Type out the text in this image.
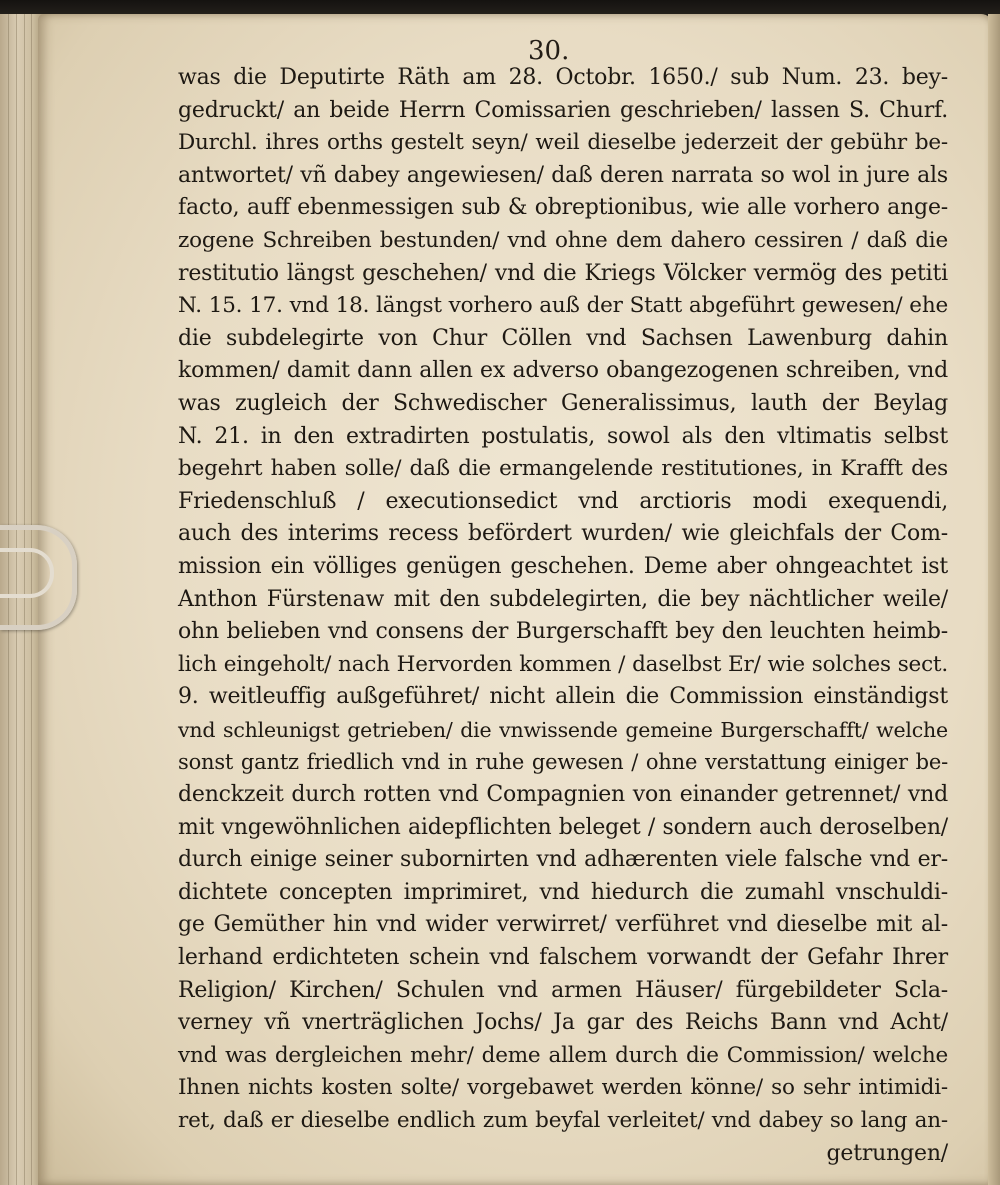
30.
was die Deputirte Räth am 28. Octobr. 1650./ sub Num. 23. bey-
gedruckt/ an beide Herrn Comissarien geschrieben/ lassen S. Churf.
Durchl. ihres orths gestelt seyn/ weil dieselbe jederzeit der gebühr be-
antwortet/ vñ dabey angewiesen/ daß deren narrata so wol in jure als
facto, auff ebenmessigen sub & obreptionibus, wie alle vorhero ange-
zogene Schreiben bestunden/ vnd ohne dem dahero cessiren / daß die
restitutio längst geschehen/ vnd die Kriegs Völcker vermög des petiti
N. 15. 17. vnd 18. längst vorhero auß der Statt abgeführt gewesen/ ehe
die subdelegirte von Chur Cöllen vnd Sachsen Lawenburg dahin
kommen/ damit dann allen ex adverso obangezogenen schreiben, vnd
was zugleich der Schwedischer Generalissimus, lauth der Beylag
N. 21. in den extradirten postulatis, sowol als den vltimatis selbst
begehrt haben solle/ daß die ermangelende restitutiones, in Krafft des
Friedenschluß / executionsedict vnd arctioris modi exequendi,
auch des interims recess befördert wurden/ wie gleichfals der Com-
mission ein völliges genügen geschehen. Deme aber ohngeachtet ist
Anthon Fürstenaw mit den subdelegirten, die bey nächtlicher weile/
ohn belieben vnd consens der Burgerschafft bey den leuchten heimb-
lich eingeholt/ nach Hervorden kommen / daselbst Er/ wie solches sect.
9. weitleuffig außgeführet/ nicht allein die Commission einständigst
vnd schleunigst getrieben/ die vnwissende gemeine Burgerschafft/ welche
sonst gantz friedlich vnd in ruhe gewesen / ohne verstattung einiger be-
denckzeit durch rotten vnd Compagnien von einander getrennet/ vnd
mit vngewöhnlichen aidepflichten beleget / sondern auch deroselben/
durch einige seiner subornirten vnd adhærenten viele falsche vnd er-
dichtete concepten imprimiret, vnd hiedurch die zumahl vnschuldi-
ge Gemüther hin vnd wider verwirret/ verführet vnd dieselbe mit al-
lerhand erdichteten schein vnd falschem vorwandt der Gefahr Ihrer
Religion/ Kirchen/ Schulen vnd armen Häuser/ fürgebildeter Scla-
verney vñ vnerträglichen Jochs/ Ja gar des Reichs Bann vnd Acht/
vnd was dergleichen mehr/ deme allem durch die Commission/ welche
Ihnen nichts kosten solte/ vorgebawet werden könne/ so sehr intimidi-
ret, daß er dieselbe endlich zum beyfal verleitet/ vnd dabey so lang an-
getrungen/
